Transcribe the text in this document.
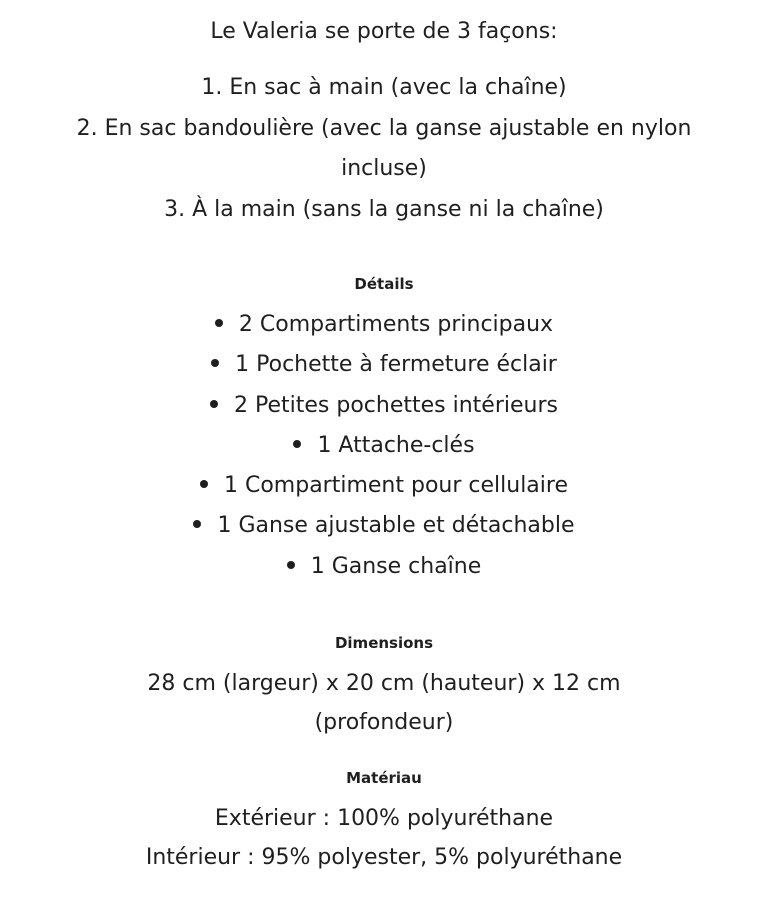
Le Valeria se porte de 3 façons:

1. En sac à main (avec la chaîne)
2. En sac bandoulière (avec la ganse ajustable en nylon incluse)
3. À la main (sans la ganse ni la chaîne)
Détails
2 Compartiments principaux
1 Pochette à fermeture éclair
2 Petites pochettes intérieurs
1 Attache-clés
1 Compartiment pour cellulaire
1 Ganse ajustable et détachable
1 Ganse chaîne
Dimensions

28 cm (largeur) x 20 cm (hauteur) x 12 cm (profondeur)

Matériau
Extérieur : 100% polyuréthane
Intérieur : 95% polyester, 5% polyuréthane
